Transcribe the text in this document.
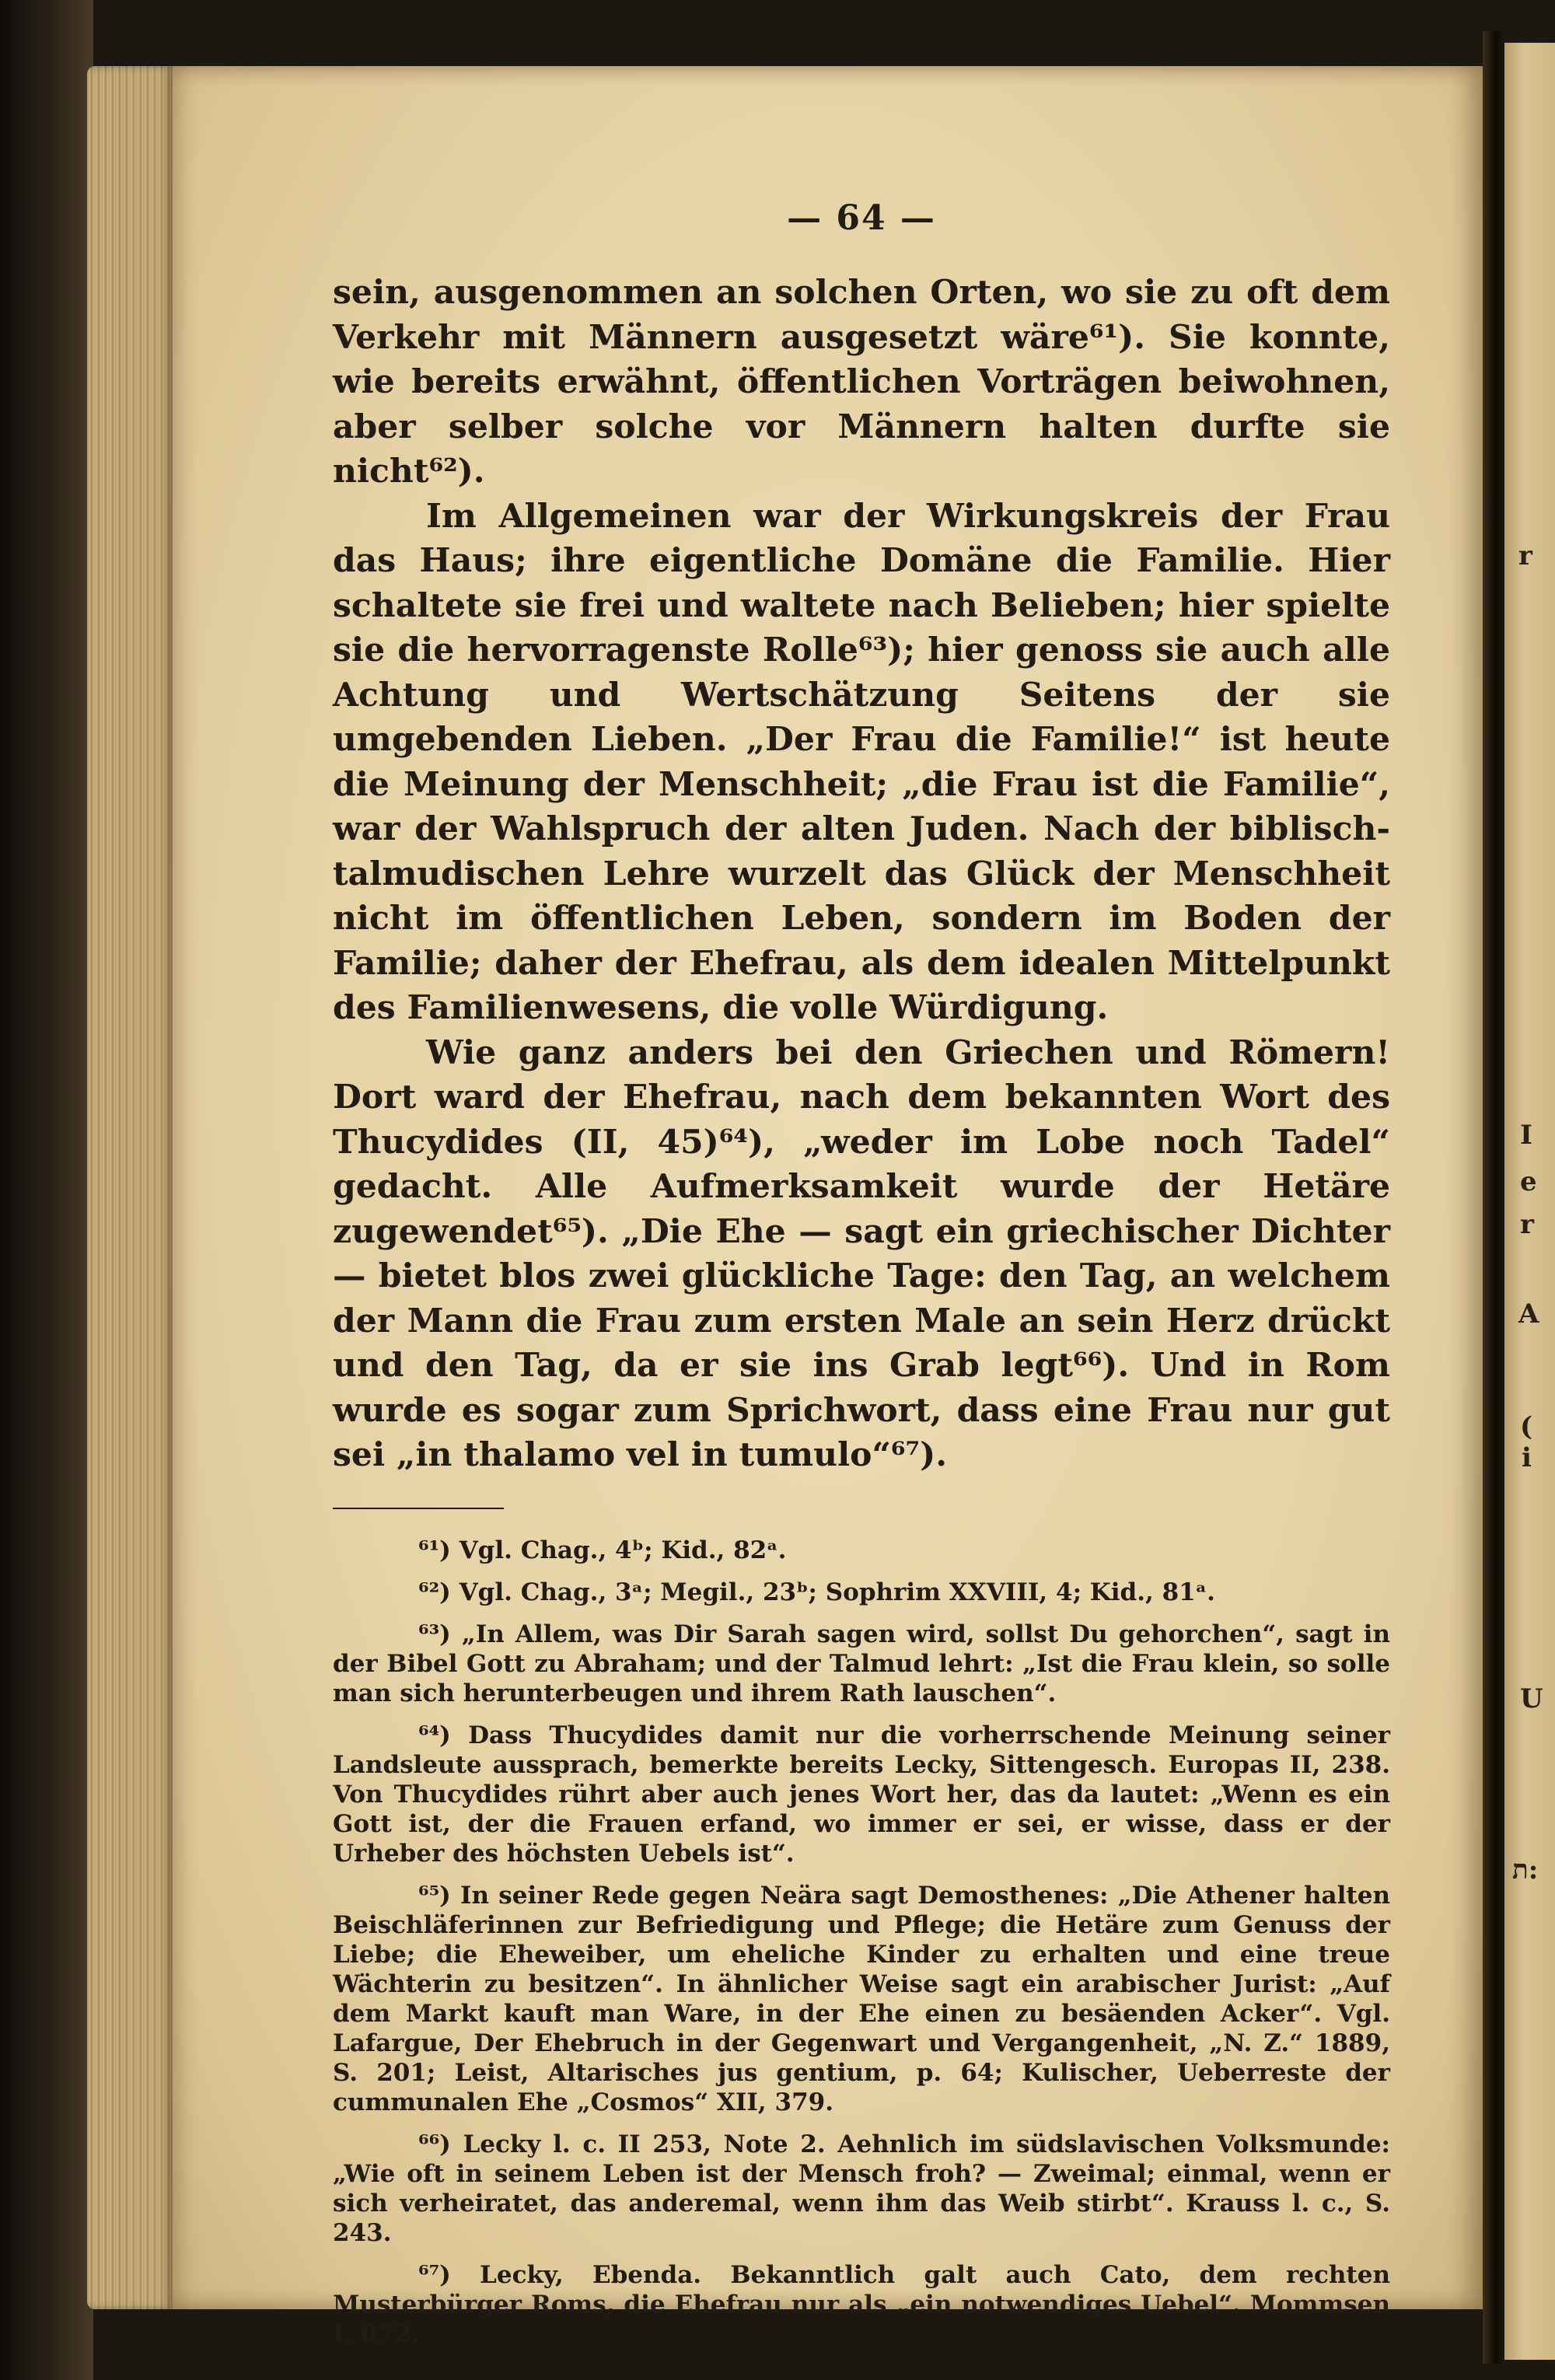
r
I
e
r
A
(
i
U
ת:
— 64 —

sein, ausgenommen an solchen Orten, wo sie zu oft dem Verkehr mit Männern ausgesetzt wäre⁶¹). Sie konnte, wie bereits erwähnt, öffentlichen Vorträgen beiwohnen, aber selber solche vor Männern halten durfte sie nicht⁶²).

Im Allgemeinen war der Wirkungskreis der Frau das Haus; ihre eigentliche Domäne die Familie. Hier schaltete sie frei und waltete nach Belieben; hier spielte sie die hervorragenste Rolle⁶³); hier genoss sie auch alle Achtung und Wertschätzung Seitens der sie umgebenden Lieben. „Der Frau die Familie!“ ist heute die Meinung der Menschheit; „die Frau ist die Familie“, war der Wahlspruch der alten Juden. Nach der biblisch-talmudischen Lehre wurzelt das Glück der Menschheit nicht im öffentlichen Leben, sondern im Boden der Familie; daher der Ehefrau, als dem idealen Mittelpunkt des Familienwesens, die volle Würdigung.

Wie ganz anders bei den Griechen und Römern! Dort ward der Ehefrau, nach dem bekannten Wort des Thucydides (II, 45)⁶⁴), „weder im Lobe noch Tadel“ gedacht. Alle Aufmerksamkeit wurde der Hetäre zugewendet⁶⁵). „Die Ehe — sagt ein griechischer Dichter — bietet blos zwei glückliche Tage: den Tag, an welchem der Mann die Frau zum ersten Male an sein Herz drückt und den Tag, da er sie ins Grab legt⁶⁶). Und in Rom wurde es sogar zum Sprichwort, dass eine Frau nur gut sei „in thalamo vel in tumulo“⁶⁷).

⁶¹) Vgl. Chag., 4ᵇ; Kid., 82ᵃ.

⁶²) Vgl. Chag., 3ᵃ; Megil., 23ᵇ; Sophrim XXVIII, 4; Kid., 81ᵃ.

⁶³) „In Allem, was Dir Sarah sagen wird, sollst Du gehorchen“, sagt in der Bibel Gott zu Abraham; und der Talmud lehrt: „Ist die Frau klein, so solle man sich herunterbeugen und ihrem Rath lauschen“.

⁶⁴) Dass Thucydides damit nur die vorherrschende Meinung seiner Landsleute aussprach, bemerkte bereits Lecky, Sittengesch. Europas II, 238. Von Thucydides rührt aber auch jenes Wort her, das da lautet: „Wenn es ein Gott ist, der die Frauen erfand, wo immer er sei, er wisse, dass er der Urheber des höchsten Uebels ist“.

⁶⁵) In seiner Rede gegen Neära sagt Demosthenes: „Die Athener halten Beischläferinnen zur Befriedigung und Pflege; die Hetäre zum Genuss der Liebe; die Eheweiber, um eheliche Kinder zu erhalten und eine treue Wächterin zu besitzen“. In ähnlicher Weise sagt ein arabischer Jurist: „Auf dem Markt kauft man Ware, in der Ehe einen zu besäenden Acker“. Vgl. Lafargue, Der Ehebruch in der Gegenwart und Vergangenheit, „N. Z.“ 1889, S. 201; Leist, Altarisches jus gentium, p. 64; Kulischer, Ueberreste der cummunalen Ehe „Cosmos“ XII, 379.

⁶⁶) Lecky l. c. II 253, Note 2. Aehnlich im südslavischen Volksmunde: „Wie oft in seinem Leben ist der Mensch froh? — Zweimal; einmal, wenn er sich verheiratet, das anderemal, wenn ihm das Weib stirbt“. Krauss l. c., S. 243.

⁶⁷) Lecky, Ebenda. Bekanntlich galt auch Cato, dem rechten Musterbürger Roms, die Ehefrau nur als „ein notwendiges Uebel“. Mommsen I, 872.
